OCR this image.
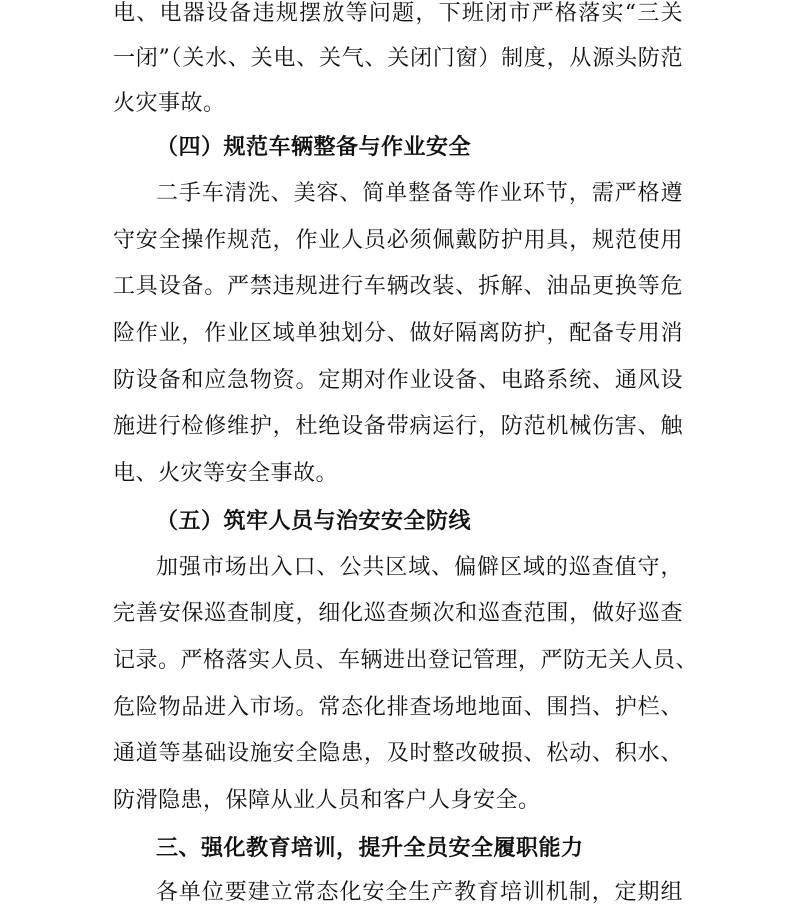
电、电器设备违规摆放等问题，下班闭市严格落实“三关
一闭”（关水、关电、关气、关闭门窗）制度，从源头防范
火灾事故。
（四）规范车辆整备与作业安全
二手车清洗、美容、简单整备等作业环节，需严格遵
守安全操作规范，作业人员必须佩戴防护用具，规范使用
工具设备。严禁违规进行车辆改装、拆解、油品更换等危
险作业，作业区域单独划分、做好隔离防护，配备专用消
防设备和应急物资。定期对作业设备、电路系统、通风设
施进行检修维护，杜绝设备带病运行，防范机械伤害、触
电、火灾等安全事故。
（五）筑牢人员与治安安全防线
加强市场出入口、公共区域、偏僻区域的巡查值守，
完善安保巡查制度，细化巡查频次和巡查范围，做好巡查
记录。严格落实人员、车辆进出登记管理，严防无关人员、
危险物品进入市场。常态化排查场地地面、围挡、护栏、
通道等基础设施安全隐患，及时整改破损、松动、积水、
防滑隐患，保障从业人员和客户人身安全。
三、强化教育培训，提升全员安全履职能力
各单位要建立常态化安全生产教育培训机制，定期组
